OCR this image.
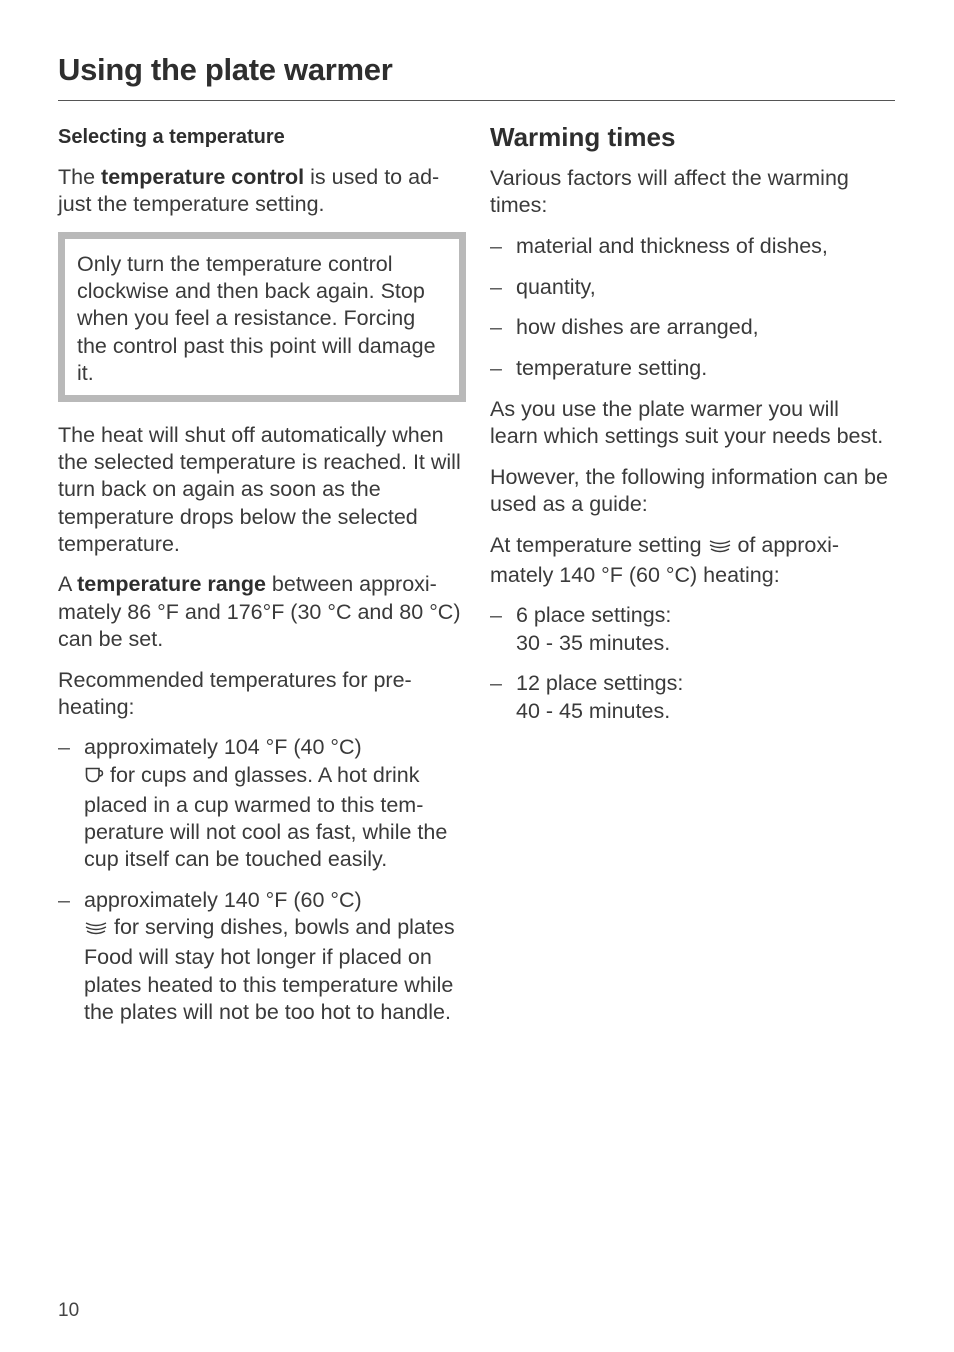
Using the plate warmer
Selecting a temperature

The temperature control is used to ad-just the temperature setting.

Only turn the temperature control clockwise and then back again. Stop when you feel a resistance. Forcing the control past this point will damage it.

The heat will shut off automatically when the selected temperature is reached. It will turn back on again as soon as the temperature drops below the selected temperature.

A temperature range between approxi-mately 86 °F and 176°F (30 °C and 80 °C) can be set.

Recommended temperatures for pre-heating:

– approximately 104 °F (40 °C)
for cups and glasses. A hot drink placed in a cup warmed to this tem-perature will not cool as fast, while the cup itself can be touched easily.
– approximately 140 °F (60 °C)
for serving dishes, bowls and plates
Food will stay hot longer if placed on plates heated to this temperature while the plates will not be too hot to handle.
Warming times

Various factors will affect the warming times:

– material and thickness of dishes,
– quantity,
– how dishes are arranged,
– temperature setting.

As you use the plate warmer you will learn which settings suit your needs best.

However, the following information can be used as a guide:

At temperature setting  of approxi-mately 140 °F (60 °C) heating:

– 6 place settings:
30 - 35 minutes.
– 12 place settings:
40 - 45 minutes.
10
